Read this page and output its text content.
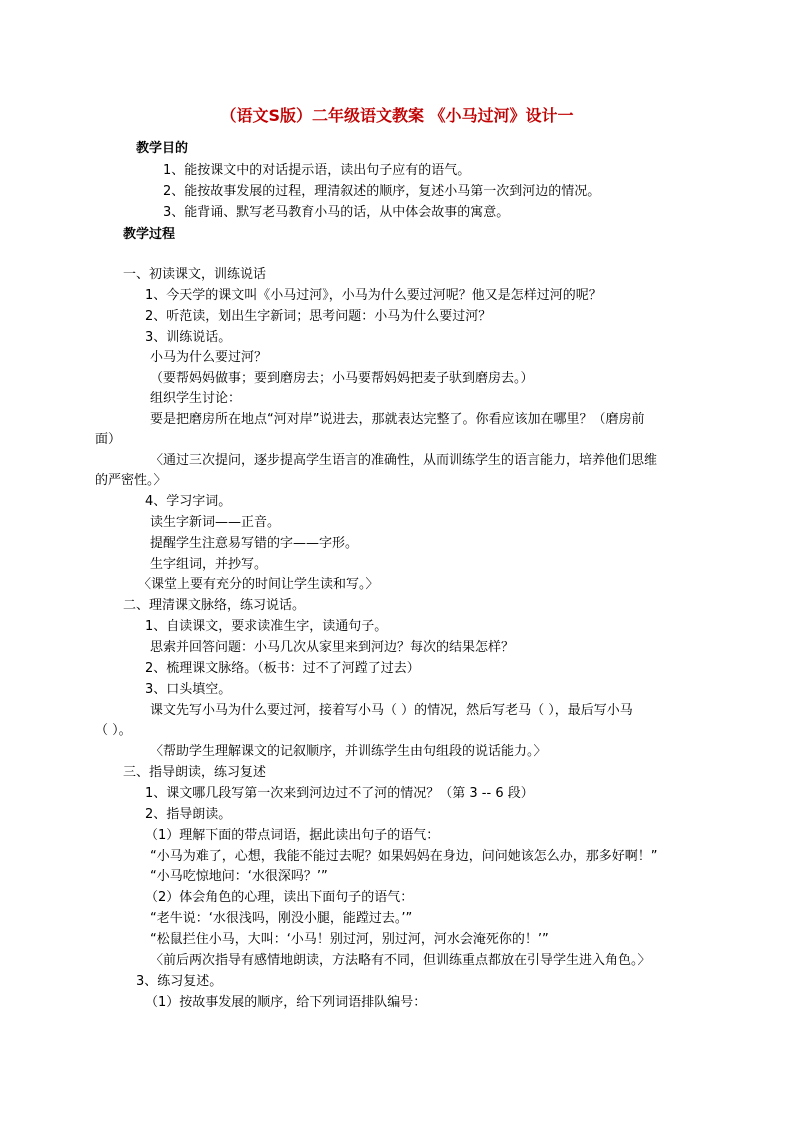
（语文S版）二年级语文教案 《小马过河》设计一
教学目的
1、能按课文中的对话提示语，读出句子应有的语气。
2、能按故事发展的过程，理清叙述的顺序，复述小马第一次到河边的情况。
3、能背诵、默写老马教育小马的话，从中体会故事的寓意。
教学过程
一、初读课文，训练说话
1、今天学的课文叫《小马过河》，小马为什么要过河呢？他又是怎样过河的呢？
2、听范读，划出生字新词；思考问题：小马为什么要过河？
3、训练说话。
小马为什么要过河？
（要帮妈妈做事；要到磨房去；小马要帮妈妈把麦子驮到磨房去。）
组织学生讨论：
要是把磨房所在地点“河对岸”说进去，那就表达完整了。你看应该加在哪里？（磨房前
面）
〈通过三次提问，逐步提高学生语言的准确性，从而训练学生的语言能力，培养他们思维
的严密性。〉
4、学习字词。
读生字新词——正音。
提醒学生注意易写错的字——字形。
生字组词，并抄写。
〈课堂上要有充分的时间让学生读和写。〉
二、理清课文脉络，练习说话。
1、自读课文，要求读准生字，读通句子。
思索并回答问题：小马几次从家里来到河边？每次的结果怎样？
2、梳理课文脉络。（板书：过不了河蹚了过去）
3、口头填空。
课文先写小马为什么要过河，接着写小马（ ）的情况，然后写老马（ ），最后写小马
（ ）。
〈帮助学生理解课文的记叙顺序，并训练学生由句组段的说话能力。〉
三、指导朗读，练习复述
1、课文哪几段写第一次来到河边过不了河的情况？（第 3 -- 6 段）
2、指导朗读。
（1）理解下面的带点词语，据此读出句子的语气：
“小马为难了，心想，我能不能过去呢？如果妈妈在身边，问问她该怎么办，那多好啊！”
“小马吃惊地问：‘水很深吗？’”
（2）体会角色的心理，读出下面句子的语气：
“老牛说：‘水很浅吗，刚没小腿，能蹚过去。’”
“松鼠拦住小马，大叫：‘小马！别过河，别过河，河水会淹死你的！’”
〈前后两次指导有感情地朗读，方法略有不同，但训练重点都放在引导学生进入角色。〉
3、练习复述。
（1）按故事发展的顺序，给下列词语排队编号：
